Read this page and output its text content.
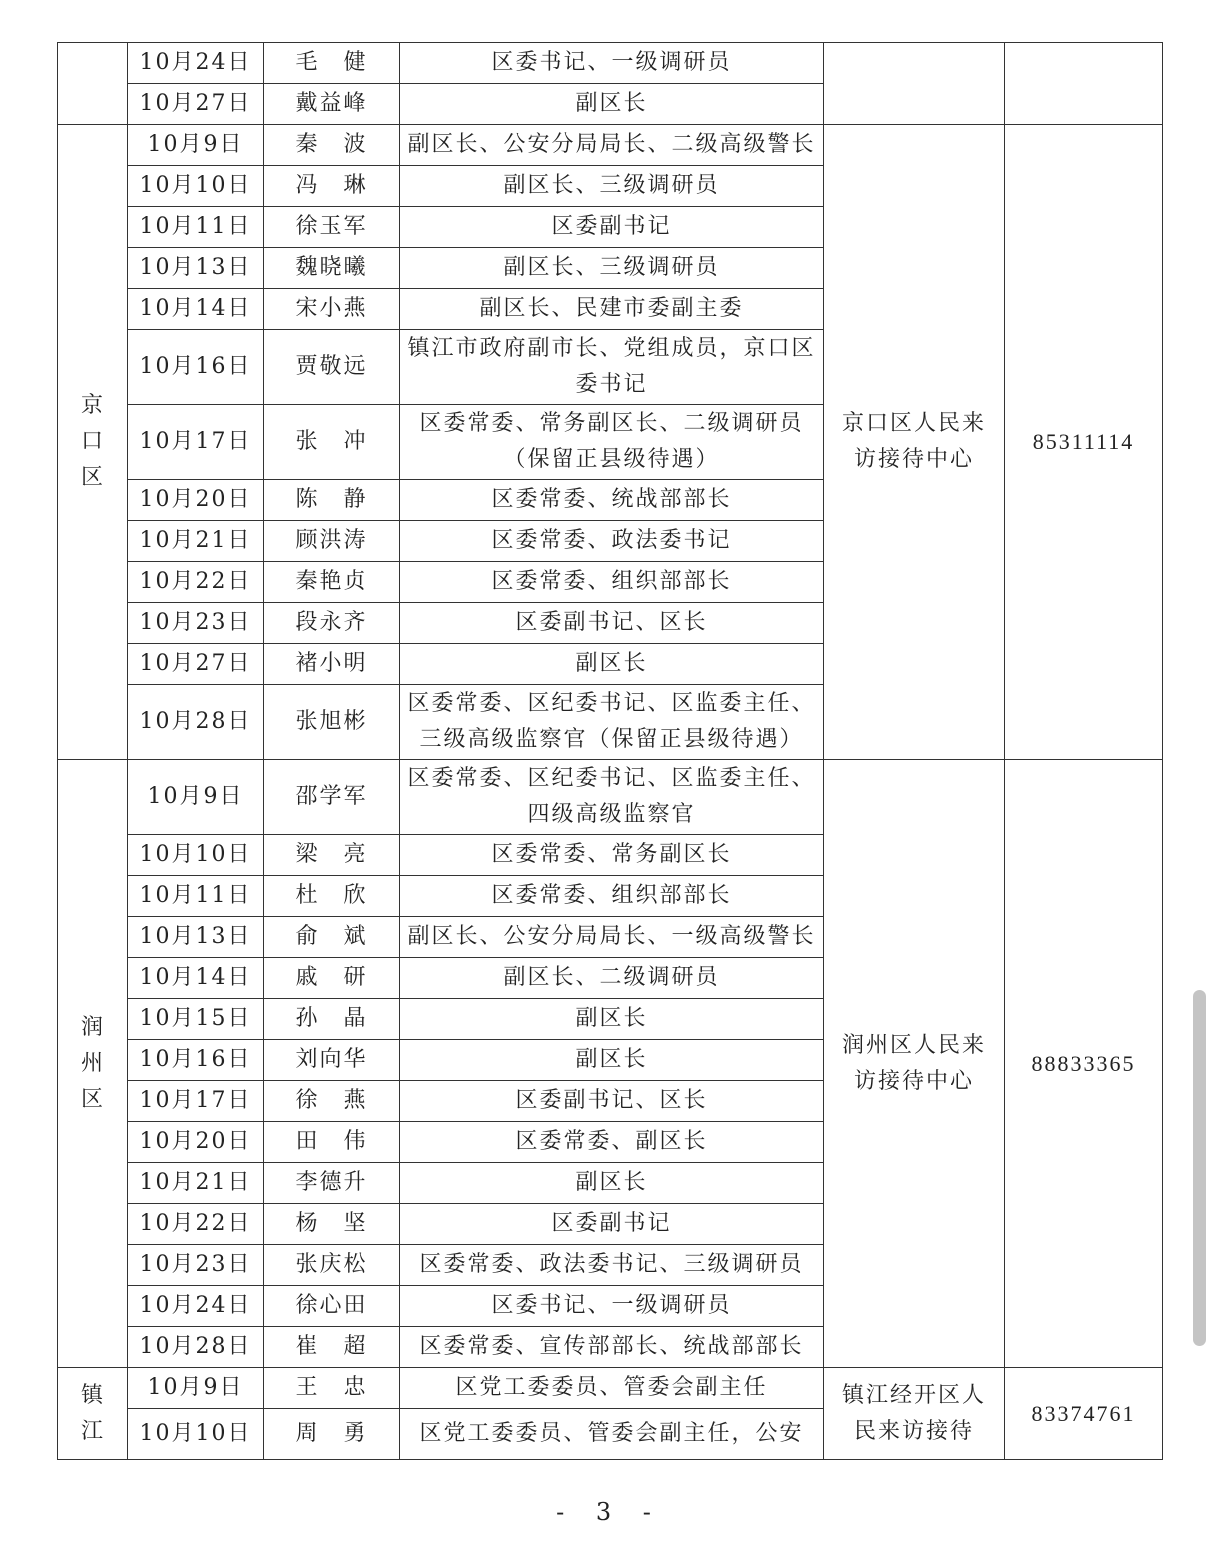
	10月24日	毛　健	区委书记、一级调研员		
	10月27日	戴益峰	副区长		
京口区	10月9日	秦　波	副区长、公安分局局长、二级高级警长	京口区人民来访接待中心	85311114
	10月10日	冯　琳	副区长、三级调研员		
	10月11日	徐玉军	区委副书记		
	10月13日	魏晓曦	副区长、三级调研员		
	10月14日	宋小燕	副区长、民建市委副主委		
	10月16日	贾敬远	镇江市政府副市长、党组成员，京口区委书记		
	10月17日	张　冲	区委常委、常务副区长、二级调研员（保留正县级待遇）		
	10月20日	陈　静	区委常委、统战部部长		
	10月21日	顾洪涛	区委常委、政法委书记		
	10月22日	秦艳贞	区委常委、组织部部长		
	10月23日	段永齐	区委副书记、区长		
	10月27日	褚小明	副区长		
	10月28日	张旭彬	区委常委、区纪委书记、区监委主任、三级高级监察官（保留正县级待遇）		
润州区	10月9日	邵学军	区委常委、区纪委书记、区监委主任、四级高级监察官	润州区人民来访接待中心	88833365
	10月10日	梁　亮	区委常委、常务副区长		
	10月11日	杜　欣	区委常委、组织部部长		
	10月13日	俞　斌	副区长、公安分局局长、一级高级警长		
	10月14日	戚　研	副区长、二级调研员		
	10月15日	孙　晶	副区长		
	10月16日	刘向华	副区长		
	10月17日	徐　燕	区委副书记、区长		
	10月20日	田　伟	区委常委、副区长		
	10月21日	李德升	副区长		
	10月22日	杨　坚	区委副书记		
	10月23日	张庆松	区委常委、政法委书记、三级调研员		
	10月24日	徐心田	区委书记、一级调研员		
	10月28日	崔　超	区委常委、宣传部部长、统战部部长		
镇江	10月9日	王　忠	区党工委委员、管委会副主任	镇江经开区人民来访接待	83374761
	10月10日	周　勇	区党工委委员、管委会副主任，公安		
- 3 -
